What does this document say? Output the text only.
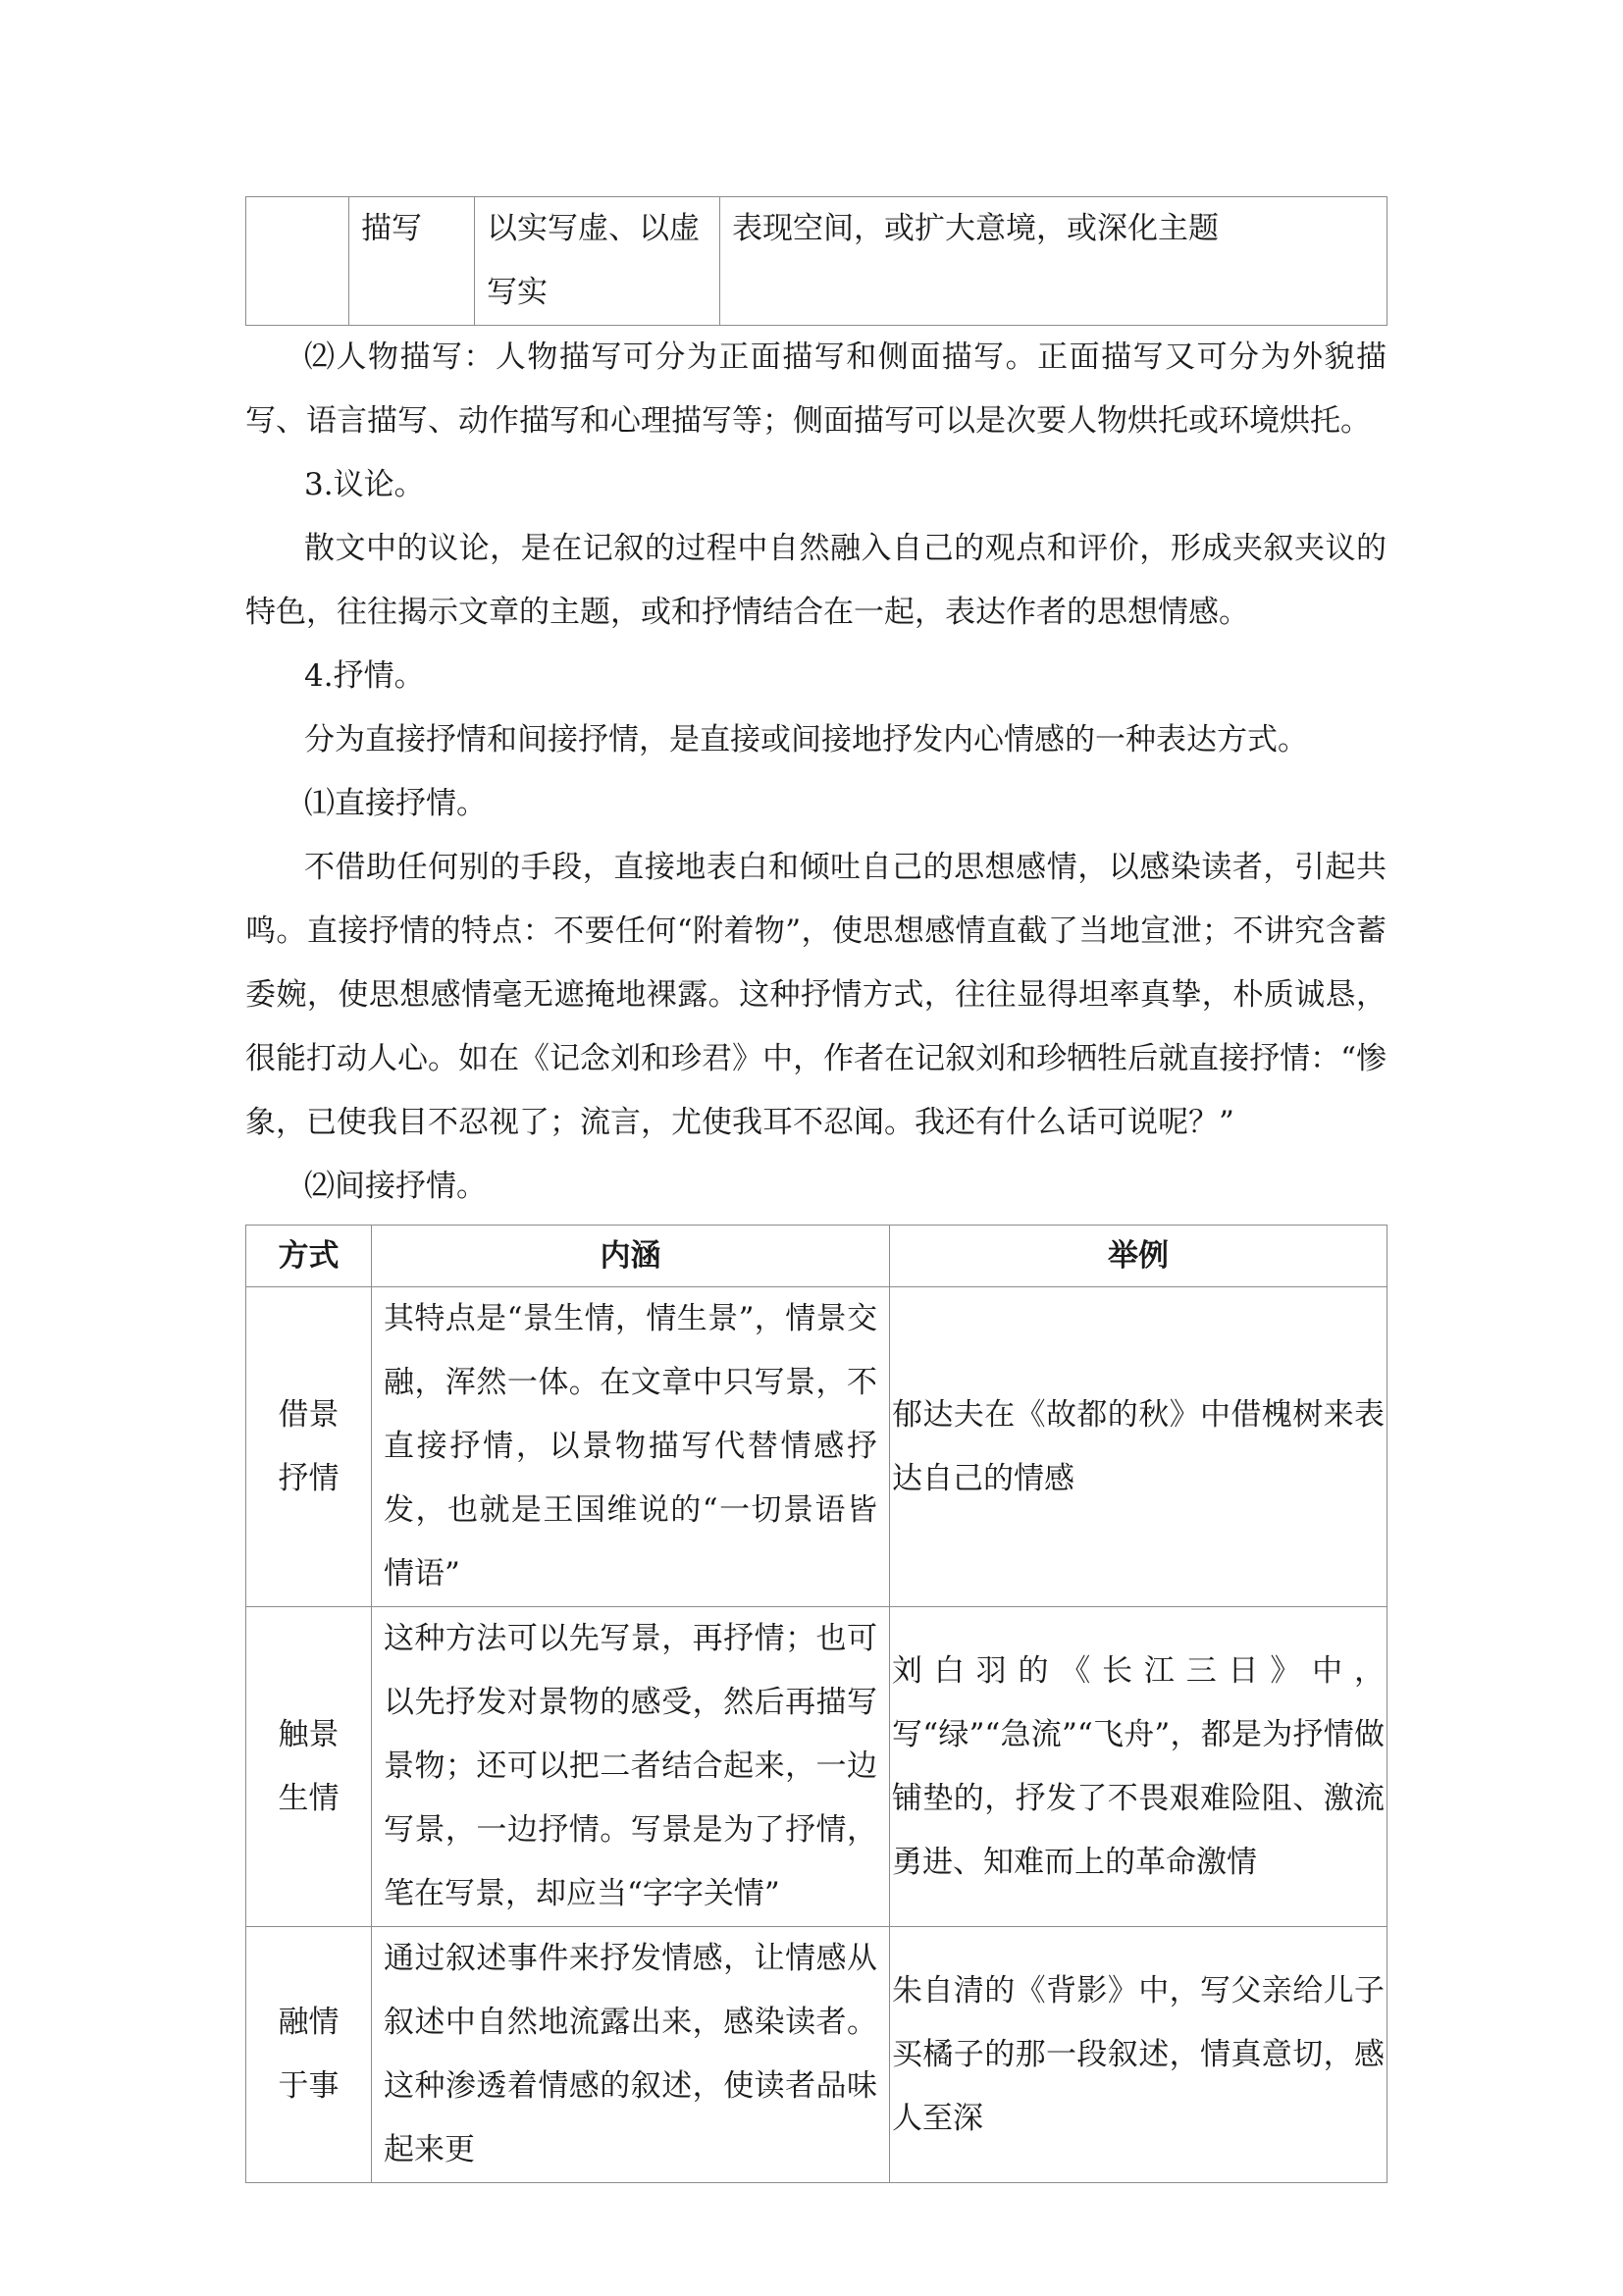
	描写	以实写虚、以虚写实	表现空间，或扩大意境，或深化主题

⑵人物描写：人物描写可分为正面描写和侧面描写。正面描写又可分为外貌描写、语言描写、动作描写和心理描写等；侧面描写可以是次要人物烘托或环境烘托。

3.议论。

散文中的议论，是在记叙的过程中自然融入自己的观点和评价，形成夹叙夹议的特色，往往揭示文章的主题，或和抒情结合在一起，表达作者的思想情感。

4.抒情。

分为直接抒情和间接抒情，是直接或间接地抒发内心情感的一种表达方式。

⑴直接抒情。

不借助任何别的手段，直接地表白和倾吐自己的思想感情，以感染读者，引起共鸣。直接抒情的特点：不要任何“附着物”，使思想感情直截了当地宣泄；不讲究含蓄委婉，使思想感情毫无遮掩地裸露。这种抒情方式，往往显得坦率真挚，朴质诚恳，很能打动人心。如在《记念刘和珍君》中，作者在记叙刘和珍牺牲后就直接抒情：“惨象，已使我目不忍视了；流言，尤使我耳不忍闻。我还有什么话可说呢？”

⑵间接抒情。

方式	内涵	举例
借景抒情	其特点是“景生情，情生景”，情景交融，浑然一体。在文章中只写景，不直接抒情，以景物描写代替情感抒发，也就是王国维说的“一切景语皆情语”	郁达夫在《故都的秋》中借槐树来表达自己的情感
触景生情	这种方法可以先写景，再抒情；也可以先抒发对景物的感受，然后再描写景物；还可以把二者结合起来，一边写景，一边抒情。写景是为了抒情，笔在写景，却应当“字字关情”	刘白羽的《长江三日》中，写“绿”“急流”“飞舟”，都是为抒情做铺垫的，抒发了不畏艰难险阻、激流勇进、知难而上的革命激情
融情于事	通过叙述事件来抒发情感，让情感从叙述中自然地流露出来，感染读者。这种渗透着情感的叙述，使读者品味起来更	朱自清的《背影》中，写父亲给儿子买橘子的那一段叙述，情真意切，感人至深
